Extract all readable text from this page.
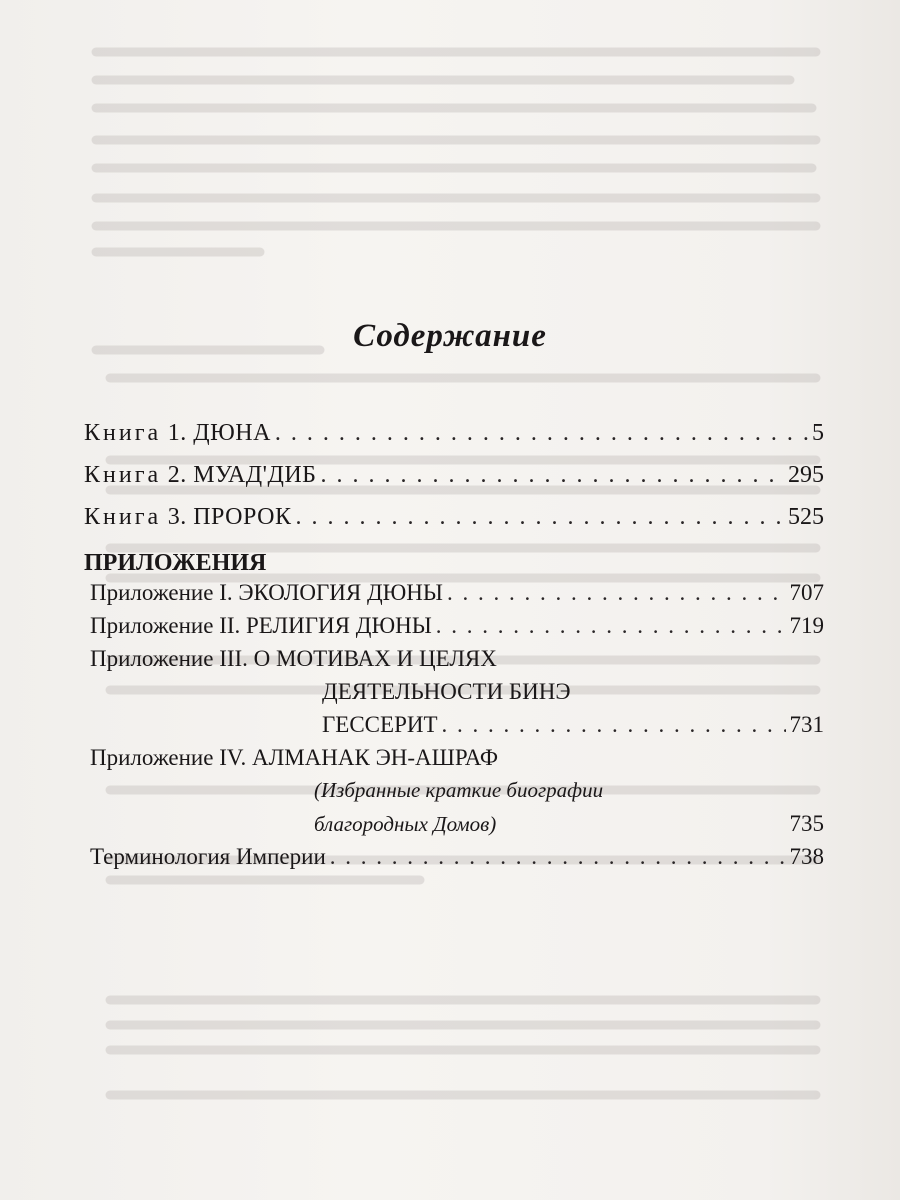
Содержание
Книга 1. ДЮНА . . .	5
Книга 2. МУАД'ДИБ . . .	295
Книга 3. ПРОРОК . . .	525
ПРИЛОЖЕНИЯ
Приложение I. ЭКОЛОГИЯ ДЮНЫ . . .	707
Приложение II. РЕЛИГИЯ ДЮНЫ . . .	719
Приложение III. О МОТИВАХ И ЦЕЛЯХ
ДЕЯТЕЛЬНОСТИ БИНЭ
ГЕССЕРИТ . . .	731
Приложение IV. АЛМАНАК ЭН-АШРАФ
(Избранные краткие биографии
благородных Домов)	735
Терминология Империи . . .	738
